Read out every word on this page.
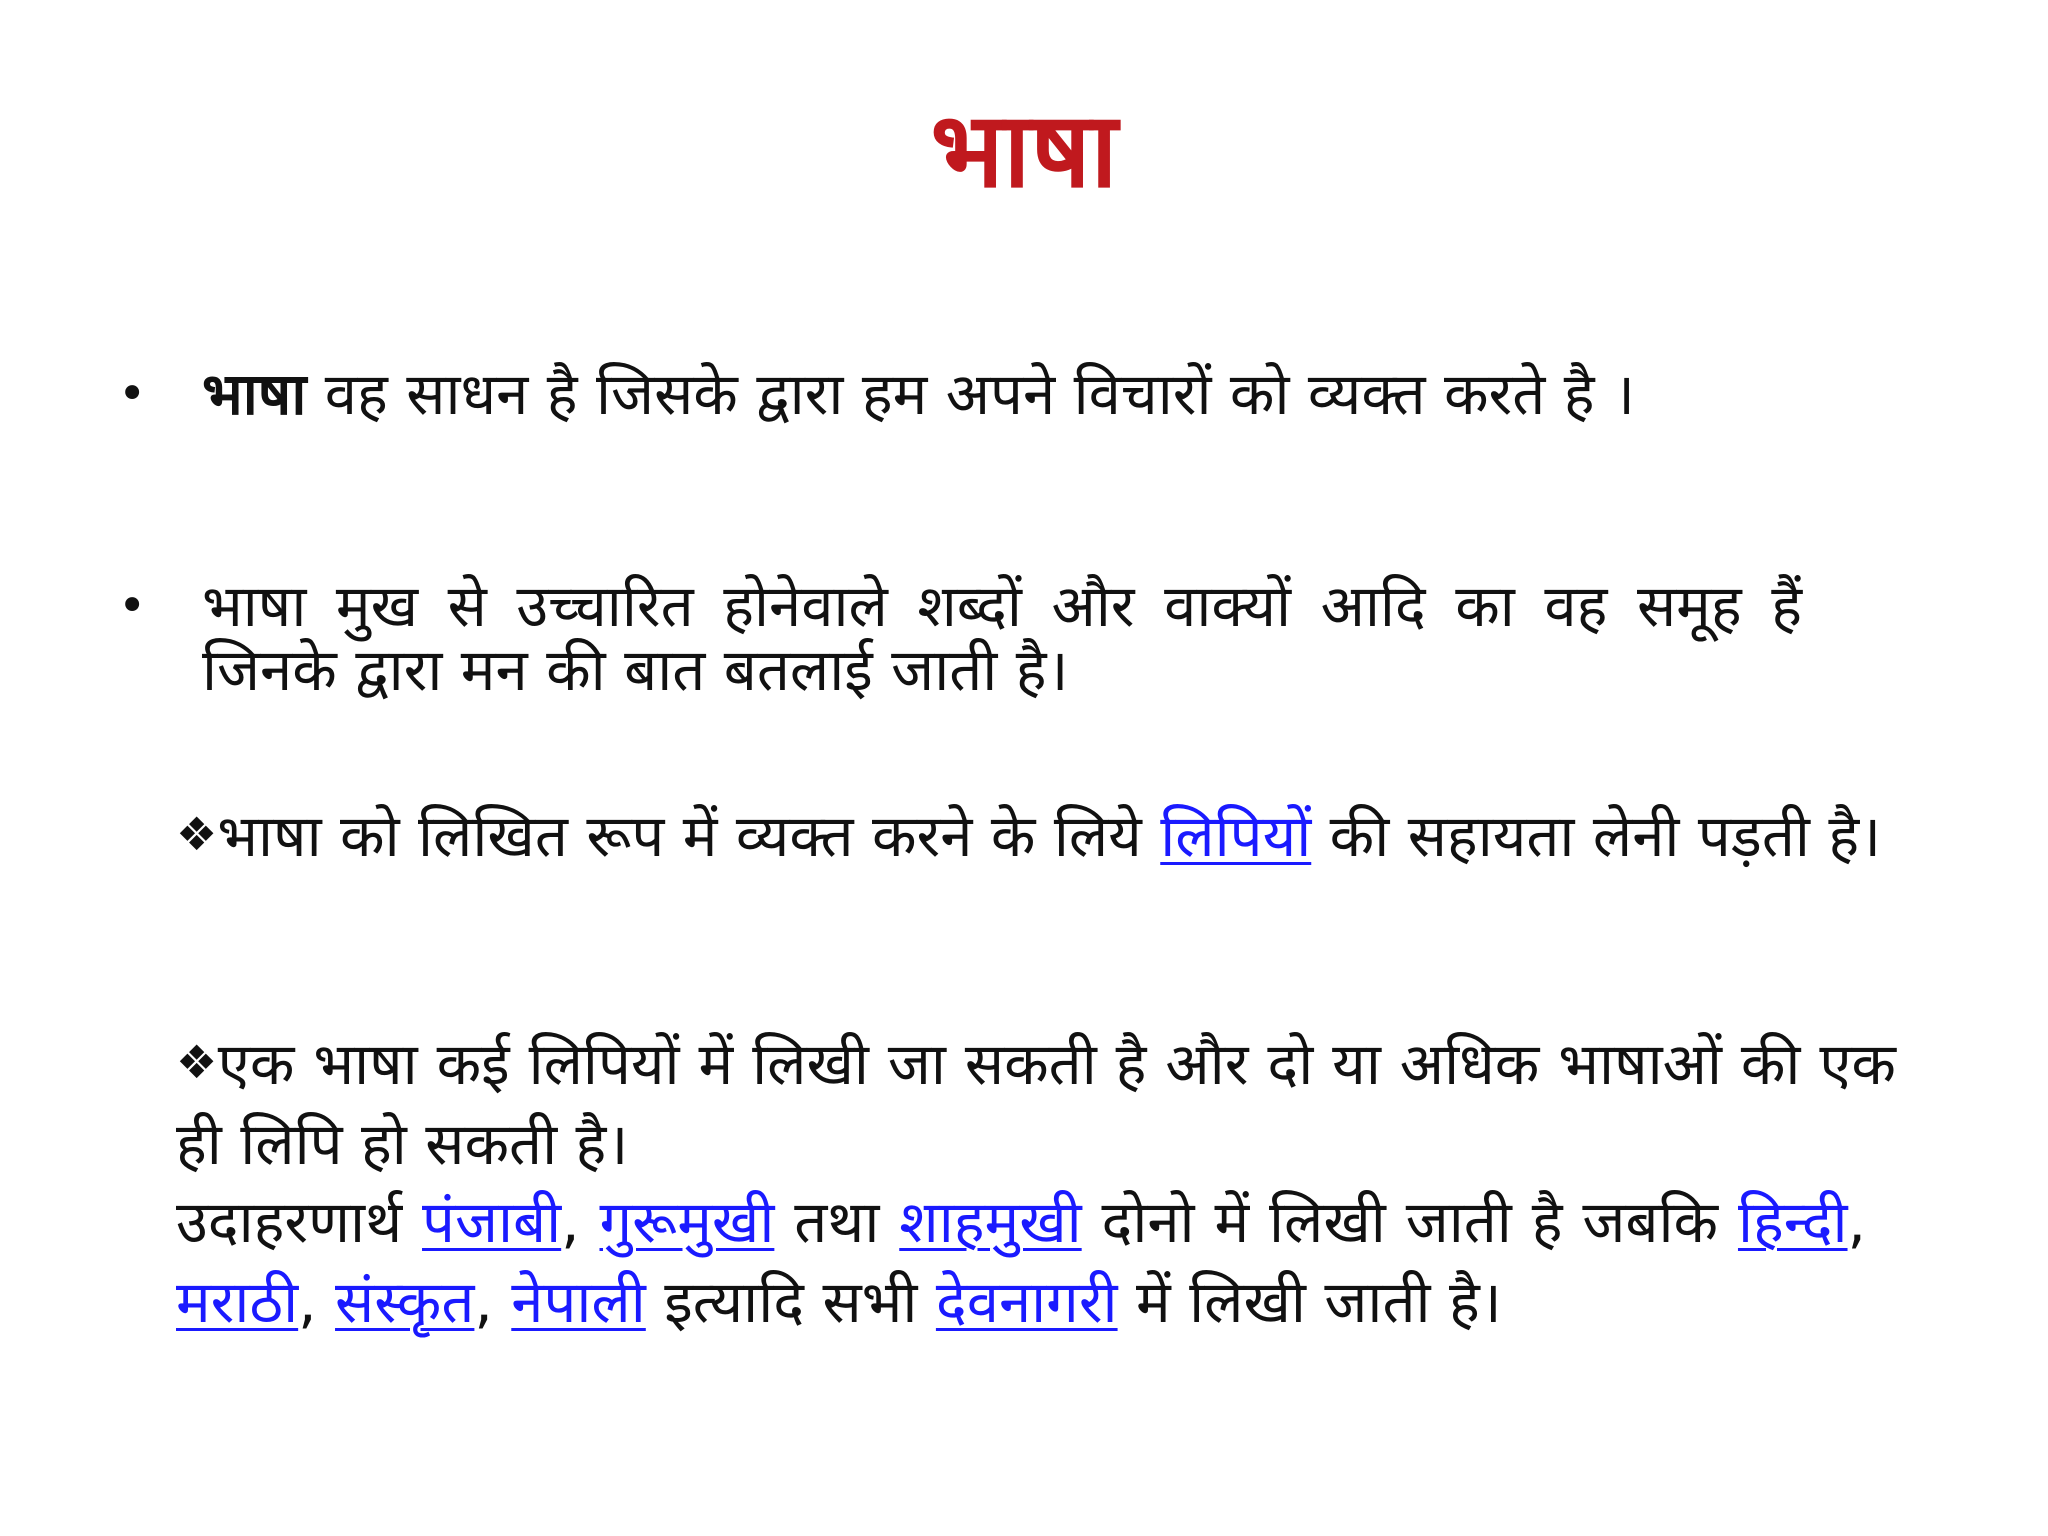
भाषा
• भाषा वह साधन है जिसके द्वारा हम अपने विचारों को व्यक्त करते है ।
• भाषा मुख से उच्चारित होनेवाले शब्दों और वाक्यों आदि का वह समूह हैं जिनके द्वारा मन की बात बतलाई जाती है।
❖भाषा को लिखित रूप में व्यक्त करने के लिये लिपियों की सहायता लेनी पड़ती है।
❖एक भाषा कई लिपियों में लिखी जा सकती है और दो या अधिक भाषाओं की एक ही लिपि हो सकती है।
उदाहरणार्थ पंजाबी, गुरूमुखी तथा शाहमुखी दोनो में लिखी जाती है जबकि हिन्दी, मराठी, संस्कृत, नेपाली इत्यादि सभी देवनागरी में लिखी जाती है।
